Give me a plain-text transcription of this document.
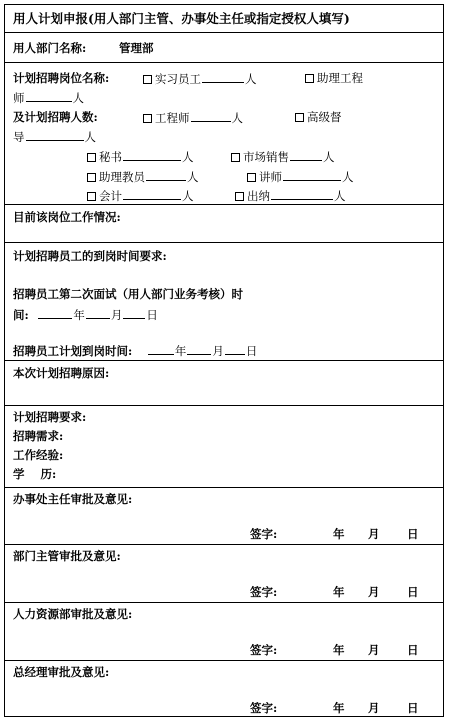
用人计划申报(用人部门主管、办事处主任或指定授权人填写)
用人部门名称:	管理部
计划招聘岗位名称:	实习员工	人	助理工程
师	人
及计划招聘人数:	工程师	人	高级督
导	人
秘书	人	市场销售	人
助理教员	人	讲师	人
会计	人	出纳	人
目前该岗位工作情况:
计划招聘员工的到岗时间要求:
招聘员工第二次面试（用人部门业务考核）时
间:	年 月 日
招聘员工计划到岗时间:	年 月 日
本次计划招聘原因:
计划招聘要求:
招聘需求:
工作经验:
学    历:
办事处主任审批及意见:
签字:	年 月 日
部门主管审批及意见:
签字:	年 月 日
人力资源部审批及意见:
签字:	年 月 日
总经理审批及意见:
签字:	年 月 日
